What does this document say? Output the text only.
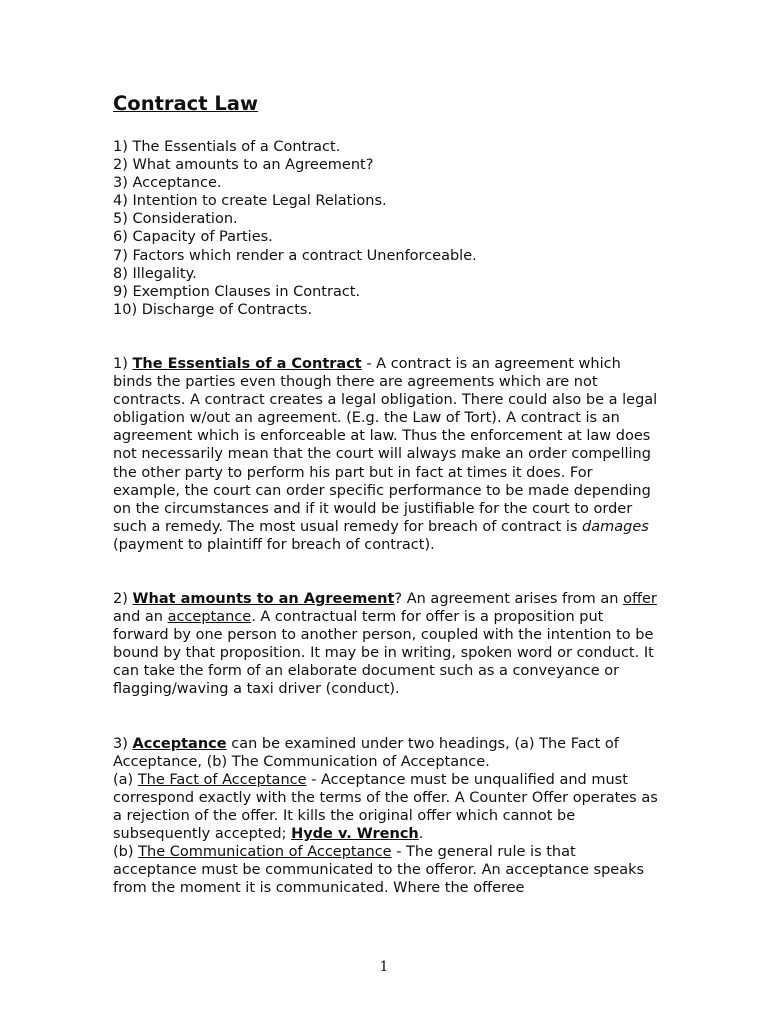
Contract Law
1) The Essentials of a Contract.
2) What amounts to an Agreement?
3) Acceptance.
4) Intention to create Legal Relations.
5) Consideration.
6) Capacity of Parties.
7) Factors which render a contract Unenforceable.
8) Illegality.
9) Exemption Clauses in Contract.
10) Discharge of Contracts.

1) The Essentials of a Contract - A contract is an agreement which binds the parties even though there are agreements which are not contracts. A contract creates a legal obligation. There could also be a legal obligation w/out an agreement. (E.g. the Law of Tort). A contract is an agreement which is enforceable at law. Thus the enforcement at law does not necessarily mean that the court will always make an order compelling the other party to perform his part but in fact at times it does. For example, the court can order specific performance to be made depending on the circumstances and if it would be justifiable for the court to order such a remedy. The most usual remedy for breach of contract is damages (payment to plaintiff for breach of contract).

2) What amounts to an Agreement? An agreement arises from an offer and an acceptance. A contractual term for offer is a proposition put forward by one person to another person, coupled with the intention to be bound by that proposition. It may be in writing, spoken word or conduct. It can take the form of an elaborate document such as a conveyance or flagging/waving a taxi driver (conduct).

3) Acceptance can be examined under two headings, (a) The Fact of Acceptance, (b) The Communication of Acceptance.
(a) The Fact of Acceptance - Acceptance must be unqualified and must correspond exactly with the terms of the offer. A Counter Offer operates as a rejection of the offer. It kills the original offer which cannot be subsequently accepted; Hyde v. Wrench.
(b) The Communication of Acceptance - The general rule is that acceptance must be communicated to the offeror. An acceptance speaks from the moment it is communicated. Where the offeree

1
